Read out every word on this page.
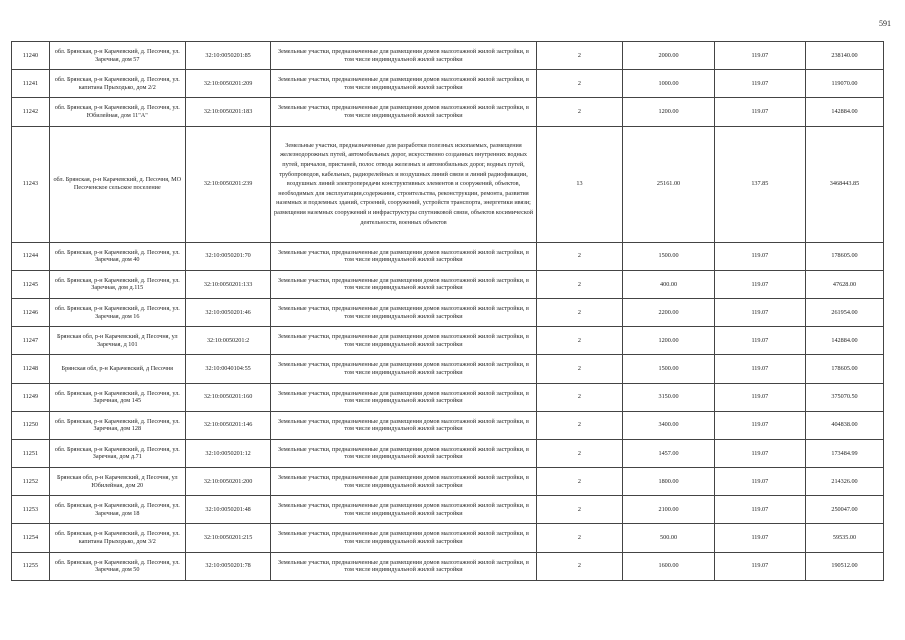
591
11240	обл. Брянская, р-н Карачевский, д. Песочня, ул. Заречная, дом 57	32:10:0050201:85	Земельные участки, предназначенные для размещения домов малоэтажной жилой застройки, в том числе индивидуальной жилой застройки	2	2000.00	119.07	238140.00
11241	обл. Брянская, р-н Карачевский, д. Песочня, ул. капитана Прыходько, дом 2/2	32:10:0050201:209	Земельные участки, предназначенные для размещения домов малоэтажной жилой застройки, в том числе индивидуальной жилой застройки	2	1000.00	119.07	119070.00
11242	обл. Брянская, р-н Карачевский, д. Песочня, ул. Юбилейная, дом 11"А"	32:10:0050201:183	Земельные участки, предназначенные для размещения домов малоэтажной жилой застройки, в том числе индивидуальной жилой застройки	2	1200.00	119.07	142884.00
11243	обл. Брянская, р-н Карачевский, д. Песочня, МО Песоченское сельское поселение	32:10:0050201:239	Земельные участки, предназначенные для разработки полезных ископаемых, размещения железнодорожных путей, автомобильных дорог, искусственно созданных внутренних водных путей, причалов, пристаней, полос отвода железных и автомобильных дорог, водных путей, трубопроводов, кабельных, радиорелейных и воздушных линий связи и линий радиофикации, воздушных линий электропередачи конструктивных элементов и сооружений, объектов, необходимых для эксплуатации,содержания, строительства, реконструкции, ремонта, развития наземных и подземных зданий, строений, сооружений, устройств транспорта, энергетики ивязи; размещения наземных сооружений и инфраструктуры спутниковой связи, объектов косимической деятельности, военных объектов	13	25161.00	137.85	3468443.85
11244	обл. Брянская, р-н Карачевский, д. Песочня, ул. Заречная, дом 40	32:10:0050201:70	Земельные участки, предназначенные для размещения домов малоэтажной жилой застройки, в том числе индивидуальной жилой застройки	2	1500.00	119.07	178605.00
11245	обл. Брянская, р-н Карачевский, д. Песочня, ул. Заречная, дом д.115	32:10:0050201:133	Земельные участки, предназначенные для размещения домов малоэтажной жилой застройки, в том числе индивидуальной жилой застройки	2	400.00	119.07	47628.00
11246	обл. Брянская, р-н Карачевский, д. Песочня, ул. Заречная, дом 16	32:10:0050201:46	Земельные участки, предназначенные для размещения домов малоэтажной жилой застройки, в том числе индивидуальной жилой застройки	2	2200.00	119.07	261954.00
11247	Брянская обл, р-н Карачевский, д Песочня, ул Заречная, д 101	32:10:0050201:2	Земельные участки, предназначенные для размещения домов малоэтажной жилой застройки, в том числе индивидуальной жилой застройки	2	1200.00	119.07	142884.00
11248	Брянская обл, р-н Карачевский, д Песочня	32:10:0040104:55	Земельные участки, предназначенные для размещения домов малоэтажной жилой застройки, в том числе индивидуальной жилой застройки	2	1500.00	119.07	178605.00
11249	обл. Брянская, р-н Карачевский, д. Песочня, ул. Заречная, дом 145	32:10:0050201:160	Земельные участки, предназначенные для размещения домов малоэтажной жилой застройки, в том числе индивидуальной жилой застройки	2	3150.00	119.07	375070.50
11250	обл. Брянская, р-н Карачевский, д. Песочня, ул. Заречная, дом 128	32:10:0050201:146	Земельные участки, предназначенные для размещения домов малоэтажной жилой застройки, в том числе индивидуальной жилой застройки	2	3400.00	119.07	404838.00
11251	обл. Брянская, р-н Карачевский, д. Песочня, ул. Заречная, дом д.71	32:10:0050201:12	Земельные участки, предназначенные для размещения домов малоэтажной жилой застройки, в том числе индивидуальной жилой застройки	2	1457.00	119.07	173484.99
11252	Брянская обл, р-н Карачевский, д Песочня, ул Юбилейная, дом 20	32:10:0050201:200	Земельные участки, предназначенные для размещения домов малоэтажной жилой застройки, в том числе индивидуальной жилой застройки	2	1800.00	119.07	214326.00
11253	обл. Брянская, р-н Карачевский, д. Песочня, ул. Заречная, дом 18	32:10:0050201:48	Земельные участки, предназначенные для размещения домов малоэтажной жилой застройки, в том числе индивидуальной жилой застройки	2	2100.00	119.07	250047.00
11254	обл. Брянская, р-н Карачевский, д. Песочня, ул. капитана Прыходько, дом 3/2	32:10:0050201:215	Земельные участки, предназначенные для размещения домов малоэтажной жилой застройки, в том числе индивидуальной жилой застройки	2	500.00	119.07	59535.00
11255	обл. Брянская, р-н Карачевский, д. Песочня, ул. Заречная, дом 50	32:10:0050201:78	Земельные участки, предназначенные для размещения домов малоэтажной жилой застройки, в том числе индивидуальной жилой застройки	2	1600.00	119.07	190512.00
